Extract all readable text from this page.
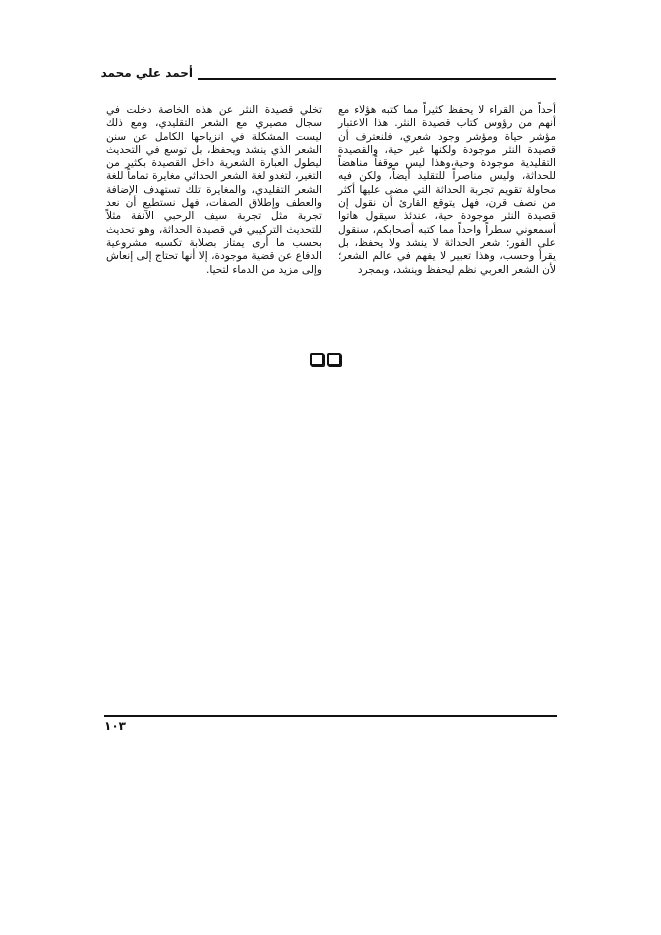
أحمد علي محمد

أحداً من القراء لا يحفظ كثيراً مما كتبه هؤلاء مع أنهم من رؤوس كتاب قصيدة النثر. هذا الاعتبار مؤشر حياة ومؤشر وجود شعري، فلنعترف أن قصيدة النثر موجودة ولكنها غير حية، والقصيدة التقليدية موجودة وحية،وهذا ليس موقفاً مناهضاً للحداثة، وليس مناصراً للتقليد أيضاً، ولكن فيه محاولة تقويم تجربة الحداثة التي مضى عليها أكثر من نصف قرن، فهل يتوقع القارئ أن نقول إن قصيدة النثر موجودة حية، عندئذ سيقول هاتوا أسمعوني سطراً واحداً مما كتبه أصحابكم، سنقول على الفور: شعر الحداثة لا ينشد ولا يحفظ، بل يقرأ وحسب، وهذا تعبير لا يفهم في عالم الشعر؛ لأن الشعر العربي نظم ليحفظ وينشد، وبمجرد

تخلي قصيدة النثر عن هذه الخاصة دخلت في سجال مصيري مع الشعر التقليدي، ومع ذلك ليست المشكلة في انزياحها الكامل عن سنن الشعر الذي ينشد ويحفظ، بل توسع في التحديث ليطول العبارة الشعرية داخل القصيدة بكثير من التغير، لتغدو لغة الشعر الحداثي مغايرة تماماً للغة الشعر التقليدي، والمغايرة تلك تستهدف الإضافة والعطف وإطلاق الصفات، فهل نستطيع أن نعد تجربة مثل تجربة سيف الرحبي الآنفة مثلاً للتحديث التركيبي في قصيدة الحداثة، وهو تحديث بحسب ما أرى يمتاز بصلابة تكسبه مشروعية الدفاع عن قضية موجودة، إلا أنها تحتاج إلى إنعاش وإلى مزيد من الدماء لتحيا.

١٠٣
